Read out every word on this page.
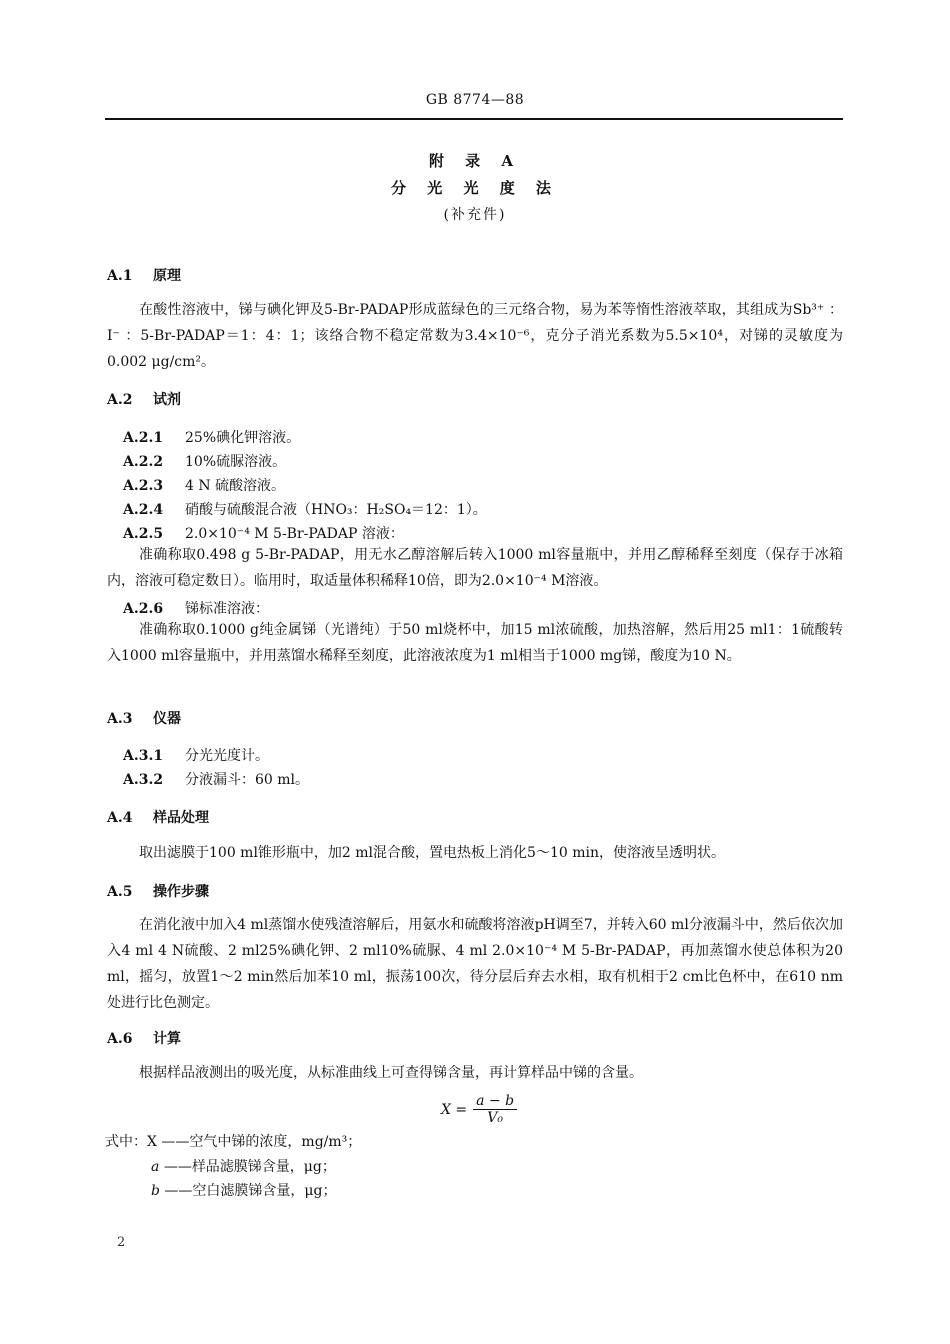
GB 8774—88
附 录 A
分 光 光 度 法
(补充件)
A.1 原理
在酸性溶液中，锑与碘化钾及5-Br-PADAP形成蓝绿色的三元络合物，易为苯等惰性溶液萃取，其组成为Sb³⁺ ：I⁻ ：5-Br-PADAP＝1：4：1；该络合物不稳定常数为3.4×10⁻⁶，克分子消光系数为5.5×10⁴，对锑的灵敏度为0.002 μg/cm²。
A.2 试剂
A.2.1 25%碘化钾溶液。
A.2.2 10%硫脲溶液。
A.2.3 4 N 硫酸溶液。
A.2.4 硝酸与硫酸混合液（HNO₃：H₂SO₄＝12：1）。
A.2.5 2.0×10⁻⁴ M 5-Br-PADAP 溶液：
准确称取0.498 g 5-Br-PADAP，用无水乙醇溶解后转入1000 ml容量瓶中，并用乙醇稀释至刻度（保存于冰箱内，溶液可稳定数日）。临用时，取适量体积稀释10倍，即为2.0×10⁻⁴ M溶液。
A.2.6 锑标准溶液：
准确称取0.1000 g纯金属锑（光谱纯）于50 ml烧杯中，加15 ml浓硫酸，加热溶解，然后用25 ml1：1硫酸转入1000 ml容量瓶中，并用蒸馏水稀释至刻度，此溶液浓度为1 ml相当于1000 mg锑，酸度为10 N。
A.3 仪器
A.3.1 分光光度计。
A.3.2 分液漏斗：60 ml。
A.4 样品处理
取出滤膜于100 ml锥形瓶中，加2 ml混合酸，置电热板上消化5～10 min，使溶液呈透明状。
A.5 操作步骤
在消化液中加入4 ml蒸馏水使残渣溶解后，用氨水和硫酸将溶液pH调至7，并转入60 ml分液漏斗中，然后依次加入4 ml 4 N硫酸、2 ml25%碘化钾、2 ml10%硫脲、4 ml 2.0×10⁻⁴ M 5-Br-PADAP，再加蒸馏水使总体积为20 ml，摇匀，放置1～2 min然后加苯10 ml，振荡100次，待分层后弃去水相，取有机相于2 cm比色杯中，在610 nm处进行比色测定。
A.6 计算
根据样品液测出的吸光度，从标准曲线上可查得锑含量，再计算样品中锑的含量。
$X = \frac{a - b}{\text{V₀}}$
式中：X ——空气中锑的浓度，mg/m³；
a ——样品滤膜锑含量，μg；
b ——空白滤膜锑含量，μg；
2
